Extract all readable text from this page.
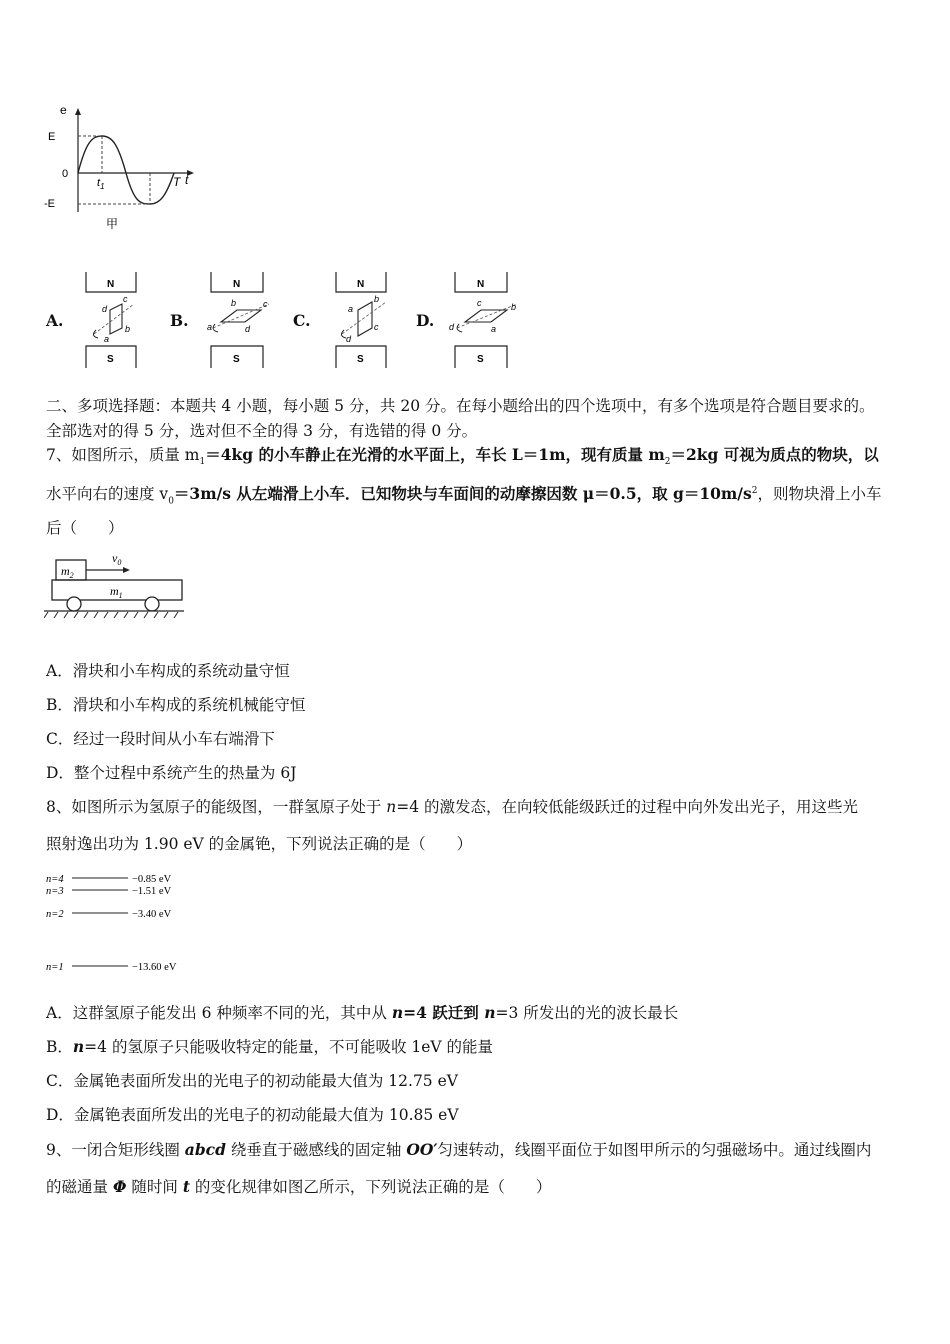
e
E
0
-E
$t_1$	T t
甲
A.
N
S
c
d
b
a
B.
N
S
b	c
a	d	C.
N
S
b
a
c
d
D.
N
S
c	b
d	a
二、多项选择题：本题共 4 小题，每小题 5 分，共 20 分。在每小题给出的四个选项中，有多个选项是符合题目要求的。
全部选对的得 5 分，选对但不全的得 3 分，有选错的得 0 分。
7、如图所示，质量 $m_1=4kg$ 的小车静止在光滑的水平面上，车长 L＝1m，现有质量 $m_2=2kg$ 可视为质点的物块，以
水平向右的速度 $v_0=3m/s$ 从左端滑上小车．已知物块与车面间的动摩擦因数 μ＝0.5，取 $g=10m/s^2$，则物块滑上小车
后（　　）
$m_2$
$v_0$
$m_1$
A．滑块和小车构成的系统动量守恒
B．滑块和小车构成的系统机械能守恒
C．经过一段时间从小车右端滑下
D．整个过程中系统产生的热量为 6J
8、如图所示为氢原子的能级图，一群氢原子处于 n=4 的激发态，在向较低能级跃迁的过程中向外发出光子，用这些光
照射逸出功为 1.90 eV 的金属铯，下列说法正确的是（　　）
n=4	−0.85 eV
n=3	−1.51 eV
n=2	−3.40 eV
n=1	−13.60 eV
A．这群氢原子能发出 6 种频率不同的光，其中从 n=4 跃迁到 n=3 所发出的光的波长最长
B．n=4 的氢原子只能吸收特定的能量，不可能吸收 1eV 的能量
C．金属铯表面所发出的光电子的初动能最大值为 12.75 eV
D．金属铯表面所发出的光电子的初动能最大值为 10.85 eV
9、一闭合矩形线圈 abcd 绕垂直于磁感线的固定轴 OO′匀速转动，线圈平面位于如图甲所示的匀强磁场中。通过线圈内
的磁通量 Φ 随时间 t 的变化规律如图乙所示，下列说法正确的是（　　）
